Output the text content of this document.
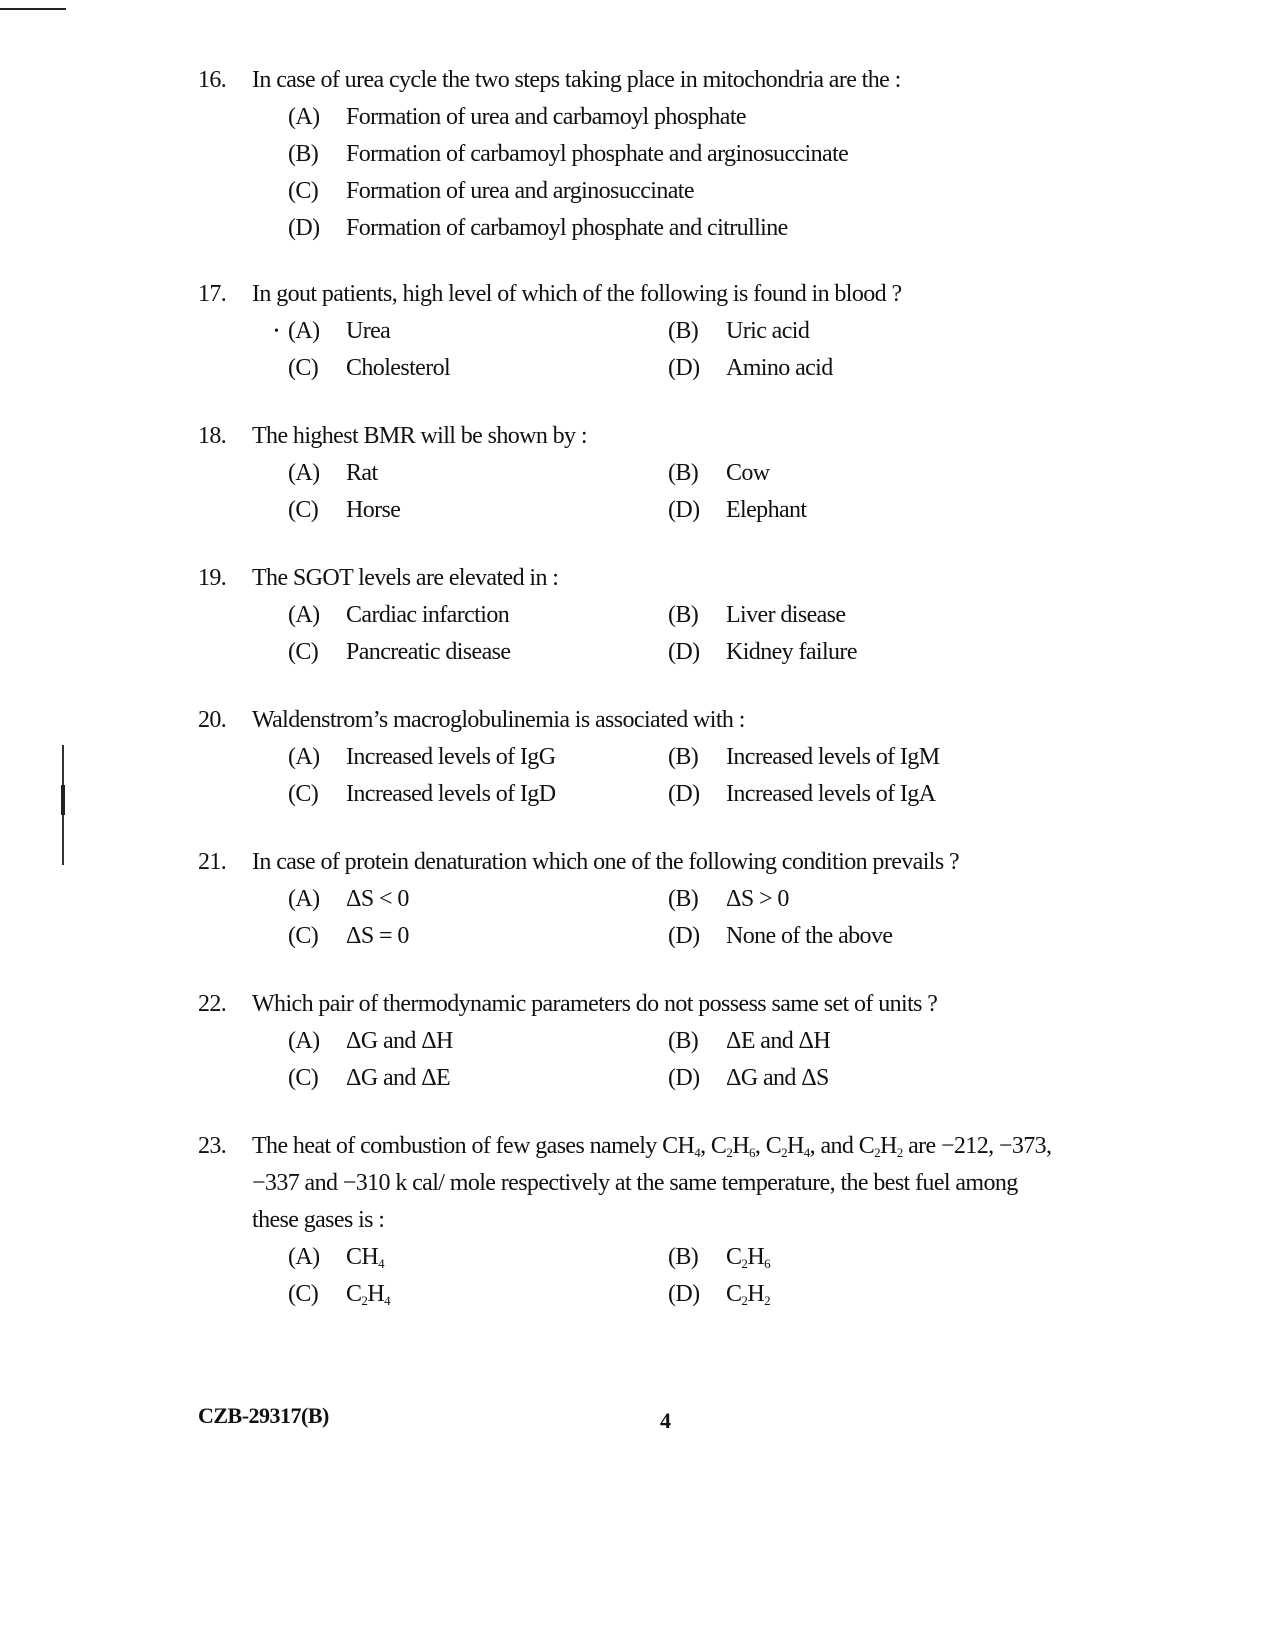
16. In case of urea cycle the two steps taking place in mitochondria are the :
(A) Formation of urea and carbamoyl phosphate
(B) Formation of carbamoyl phosphate and arginosuccinate
(C) Formation of urea and arginosuccinate
(D) Formation of carbamoyl phosphate and citrulline
17. In gout patients, high level of which of the following is found in blood ?
• (A) Urea	(B) Uric acid
(C) Cholesterol	(D) Amino acid
18. The highest BMR will be shown by :
(A) Rat	(B) Cow
(C) Horse	(D) Elephant
19. The SGOT levels are elevated in :
(A) Cardiac infarction	(B) Liver disease
(C) Pancreatic disease	(D) Kidney failure
20. Waldenstrom’s macroglobulinemia is associated with :
(A) Increased levels of IgG	(B) Increased levels of IgM
(C) Increased levels of IgD	(D) Increased levels of IgA
21. In case of protein denaturation which one of the following condition prevails ?
(A) ΔS < 0	(B) ΔS > 0
(C) ΔS = 0	(D) None of the above
22. Which pair of thermodynamic parameters do not possess same set of units ?
(A) ΔG and ΔH	(B) ΔE and ΔH
(C) ΔG and ΔE	(D) ΔG and ΔS
23. The heat of combustion of few gases namely $CH_4$, $C_2H_6$, $C_2H_4$, and $C_2H_2$ are −212, −373, −337 and −310 k cal/ mole respectively at the same temperature, the best fuel among these gases is :
(A) $CH_4$	(B) $C_2H_6$
(C) $C_2H_4$	(D) $C_2H_2$
CZB-29317(B)	4
